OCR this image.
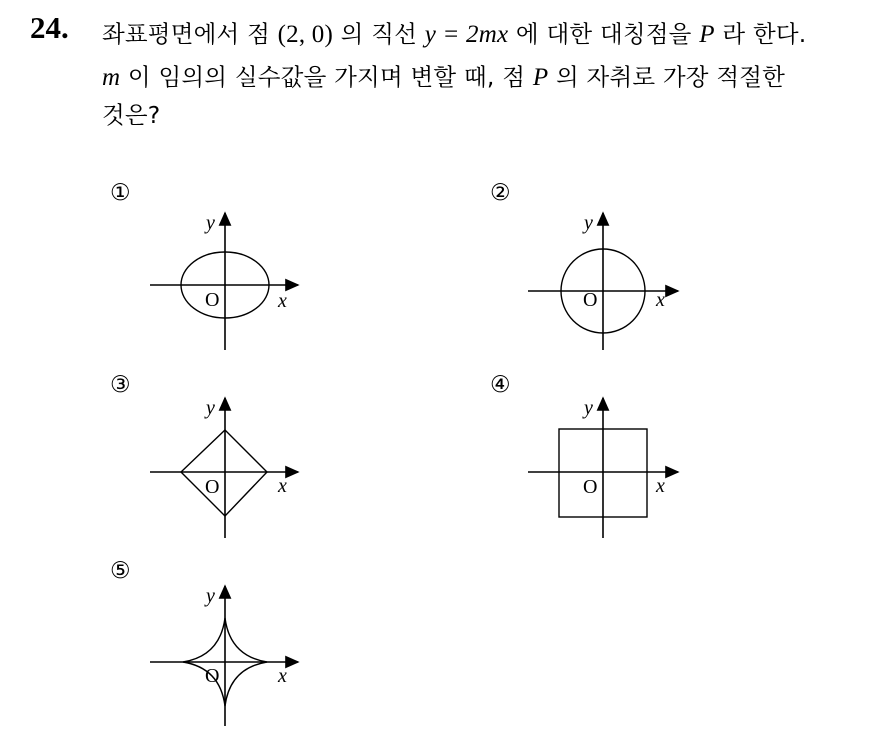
24. 좌표평면에서 점 (2, 0) 의 직선 y = 2mx 에 대한 대칭점을 P 라 한다.
m 이 임의의 실수값을 가지며 변할 때, 점 P 의 자취로 가장 적절한
것은?
①
y
x
O
②
y
x
O
③
y
x
O
④
y
x
O
⑤
y
x
O
